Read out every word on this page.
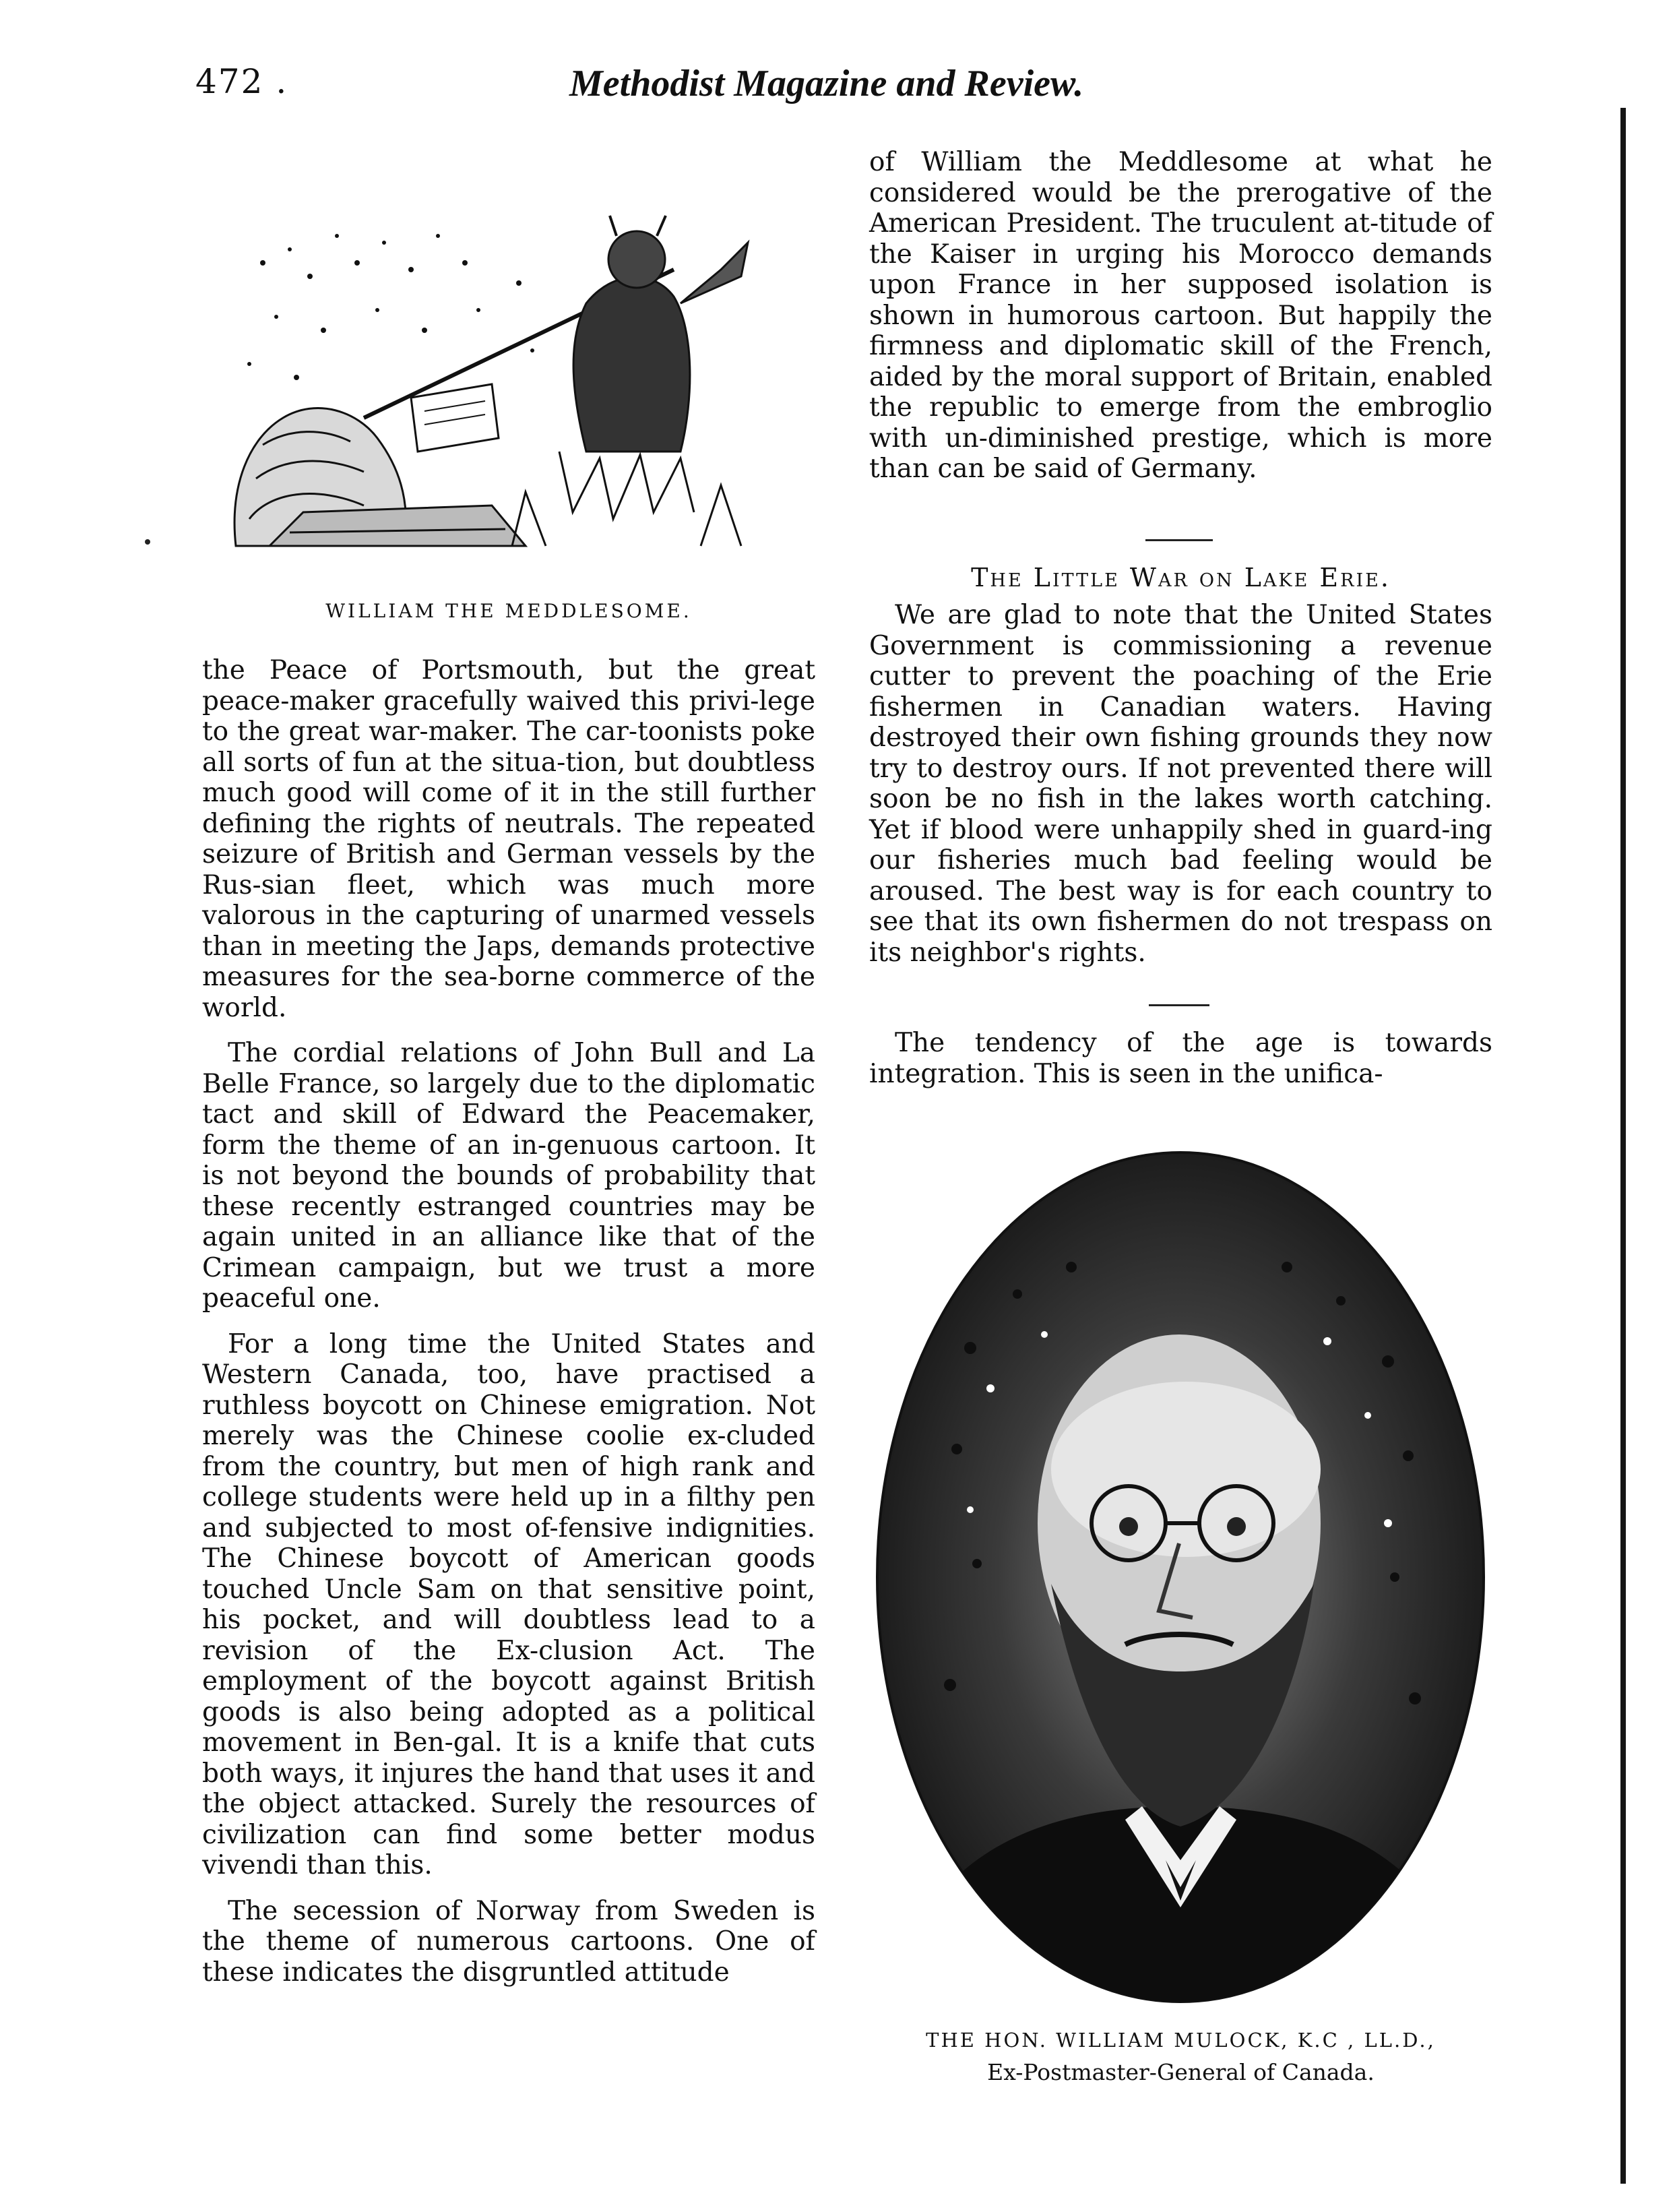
472 .	Methodist Magazine and Review.
WILLIAM THE MEDDLESOME.

the Peace of Portsmouth, but the great peace-maker gracefully waived this privi-lege to the great war-maker. The car-toonists poke all sorts of fun at the situa-tion, but doubtless much good will come of it in the still further defining the rights of neutrals. The repeated seizure of British and German vessels by the Rus-sian fleet, which was much more valorous in the capturing of unarmed vessels than in meeting the Japs, demands protective measures for the sea-borne commerce of the world.

The cordial relations of John Bull and La Belle France, so largely due to the diplomatic tact and skill of Edward the Peacemaker, form the theme of an in-genuous cartoon. It is not beyond the bounds of probability that these recently estranged countries may be again united in an alliance like that of the Crimean campaign, but we trust a more peaceful one.

For a long time the United States and Western Canada, too, have practised a ruthless boycott on Chinese emigration. Not merely was the Chinese coolie ex-cluded from the country, but men of high rank and college students were held up in a filthy pen and subjected to most of-fensive indignities. The Chinese boycott of American goods touched Uncle Sam on that sensitive point, his pocket, and will doubtless lead to a revision of the Ex-clusion Act. The employment of the boycott against British goods is also being adopted as a political movement in Ben-gal. It is a knife that cuts both ways, it injures the hand that uses it and the object attacked. Surely the resources of civilization can find some better modus vivendi than this.

The secession of Norway from Sweden is the theme of numerous cartoons. One of these indicates the disgruntled attitude

of William the Meddlesome at what he considered would be the prerogative of the American President. The truculent at-titude of the Kaiser in urging his Morocco demands upon France in her supposed isolation is shown in humorous cartoon. But happily the firmness and diplomatic skill of the French, aided by the moral support of Britain, enabled the republic to emerge from the embroglio with un-diminished prestige, which is more than can be said of Germany.

The Little War on Lake Erie.

We are glad to note that the United States Government is commissioning a revenue cutter to prevent the poaching of the Erie fishermen in Canadian waters. Having destroyed their own fishing grounds they now try to destroy ours. If not prevented there will soon be no fish in the lakes worth catching. Yet if blood were unhappily shed in guard-ing our fisheries much bad feeling would be aroused. The best way is for each country to see that its own fishermen do not trespass on its neighbor's rights.

The tendency of the age is towards integration. This is seen in the unifica-

THE HON. WILLIAM MULOCK, K.C , LL.D.,
Ex-Postmaster-General of Canada.
